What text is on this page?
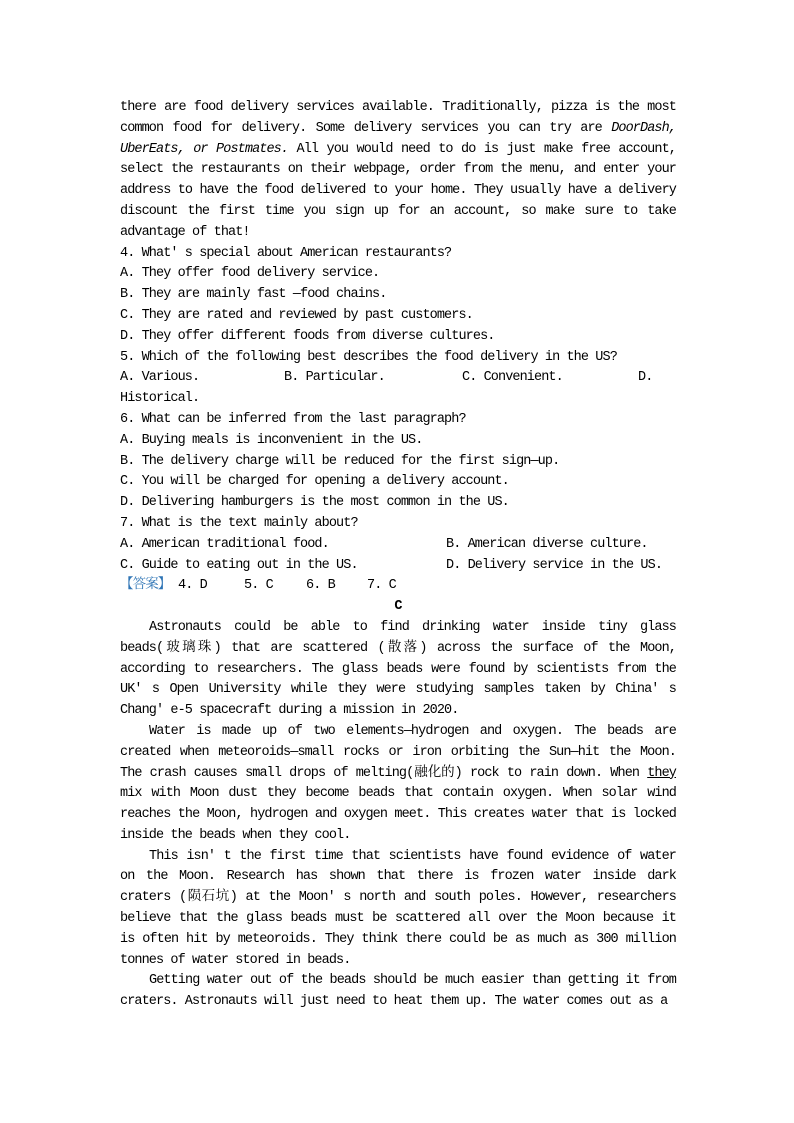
there are food delivery services available. Traditionally, pizza is the most common food for delivery. Some delivery services you can try are DoorDash, UberEats, or Postmates. All you would need to do is just make free account, select the restaurants on their webpage, order from the menu, and enter your address to have the food delivered to your home. They usually have a delivery discount the first time you sign up for an account, so make sure to take advantage of that!

4. What' s special about American restaurants?
A. They offer food delivery service.
B. They are mainly fast —food chains.
C. They are rated and reviewed by past customers.
D. They offer different foods from diverse cultures.
5. Which of the following best describes the food delivery in the US?
A. Various.	B. Particular.	C. Convenient.	D.
Historical.
6. What can be inferred from the last paragraph?
A. Buying meals is inconvenient in the US.
B. The delivery charge will be reduced for the first sign—up.
C. You will be charged for opening a delivery account.
D. Delivering hamburgers is the most common in the US.
7. What is the text mainly about?
A. American traditional food.	B. American diverse culture.
C. Guide to eating out in the US.	D. Delivery service in the US.
【答案】 4. D	5. C 6. B 7. C
C

Astronauts could be able to find drinking water inside tiny glass beads(玻璃珠) that are scattered (散落) across the surface of the Moon, according to researchers. The glass beads were found by scientists from the UK' s Open University while they were studying samples taken by China' s Chang' e-5 spacecraft during a mission in 2020.

Water is made up of two elements—hydrogen and oxygen. The beads are created when meteoroids—small rocks or iron orbiting the Sun—hit the Moon. The crash causes small drops of melting(融化的) rock to rain down. When they mix with Moon dust they become beads that contain oxygen. When solar wind reaches the Moon, hydrogen and oxygen meet. This creates water that is locked inside the beads when they cool.

This isn' t the first time that scientists have found evidence of water on the Moon. Research has shown that there is frozen water inside dark craters (陨石坑) at the Moon' s north and south poles. However, researchers believe that the glass beads must be scattered all over the Moon because it is often hit by meteoroids. They think there could be as much as 300 million tonnes of water stored in beads.

Getting water out of the beads should be much easier than getting it from craters. Astronauts will just need to heat them up. The water comes out as a
